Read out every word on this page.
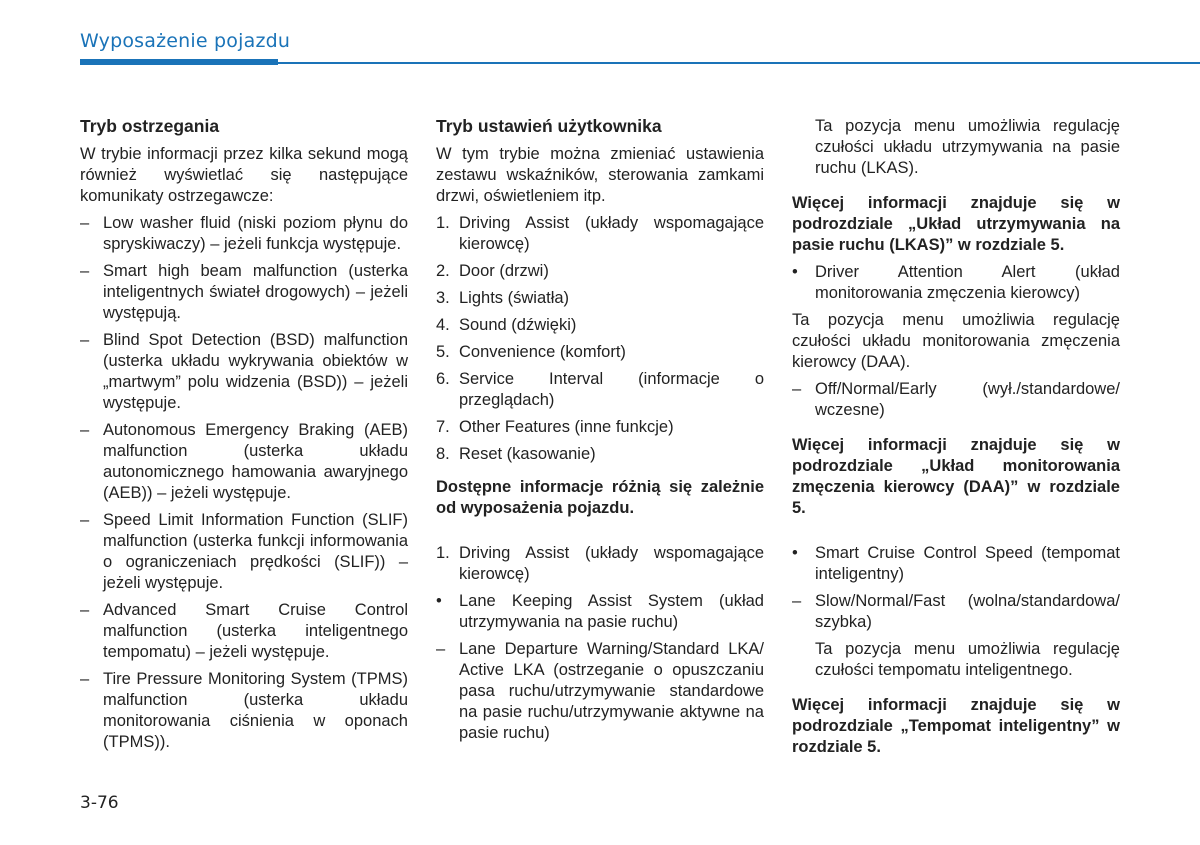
Wyposażenie pojazdu
Tryb ostrzegania
W trybie informacji przez kilka sekund mogą również wyświetlać się następujące komunikaty ostrzegawcze:
– Low washer fluid (niski poziom płynu do spryskiwaczy) – jeżeli funkcja występuje.
– Smart high beam malfunction (usterka inteligentnych świateł drogowych) – jeżeli występują.
– Blind Spot Detection (BSD) malfunction (usterka układu wykrywania obiektów w „martwym” polu widzenia (BSD)) – jeżeli występuje.
– Autonomous Emergency Braking (AEB) malfunction (usterka układu autonomicznego hamowania awaryjnego (AEB)) – jeżeli występuje.
– Speed Limit Information Function (SLIF) malfunction (usterka funkcji informowania o ograniczeniach prędkości (SLIF)) – jeżeli występuje.
– Advanced Smart Cruise Control malfunction (usterka inteligentnego tempomatu) – jeżeli występuje.
– Tire Pressure Monitoring System (TPMS) malfunction (usterka układu monitorowania ciśnienia w oponach (TPMS)).
Tryb ustawień użytkownika
W tym trybie można zmieniać ustawienia zestawu wskaźników, sterowania zamkami drzwi, oświetleniem itp.
1. Driving Assist (układy wspomagające kierowcę)
2. Door (drzwi)
3. Lights (światła)
4. Sound (dźwięki)
5. Convenience (komfort)
6. Service Interval (informacje o przeglądach)
7. Other Features (inne funkcje)
8. Reset (kasowanie)
Dostępne informacje różnią się zależnie od wyposażenia pojazdu.
1. Driving Assist (układy wspomagające kierowcę)
•	Lane Keeping Assist System (układ utrzymywania na pasie ruchu)
– Lane Departure Warning/Standard LKA/ Active LKA (ostrzeganie o opuszczaniu pasa ruchu/utrzymywanie standardowe na pasie ruchu/utrzymywanie aktywne na pasie ruchu)
Ta pozycja menu umożliwia regulację czułości układu utrzymywania na pasie ruchu (LKAS).
Więcej informacji znajduje się w podrozdziale „Układ utrzymywania na pasie ruchu (LKAS)” w rozdziale 5.
•	Driver Attention Alert (układ monitorowania zmęczenia kierowcy)
Ta pozycja menu umożliwia regulację czułości układu monitorowania zmęczenia kierowcy (DAA).
– Off/Normal/Early (wył./standardowe/ wczesne)
Więcej informacji znajduje się w podrozdziale „Układ monitorowania zmęczenia kierowcy (DAA)” w rozdziale 5.
•	Smart Cruise Control Speed (tempomat inteligentny)
– Slow/Normal/Fast (wolna/standardowa/ szybka)
Ta pozycja menu umożliwia regulację czułości tempomatu inteligentnego.
Więcej informacji znajduje się w podrozdziale „Tempomat inteligentny” w rozdziale 5.
3-76
